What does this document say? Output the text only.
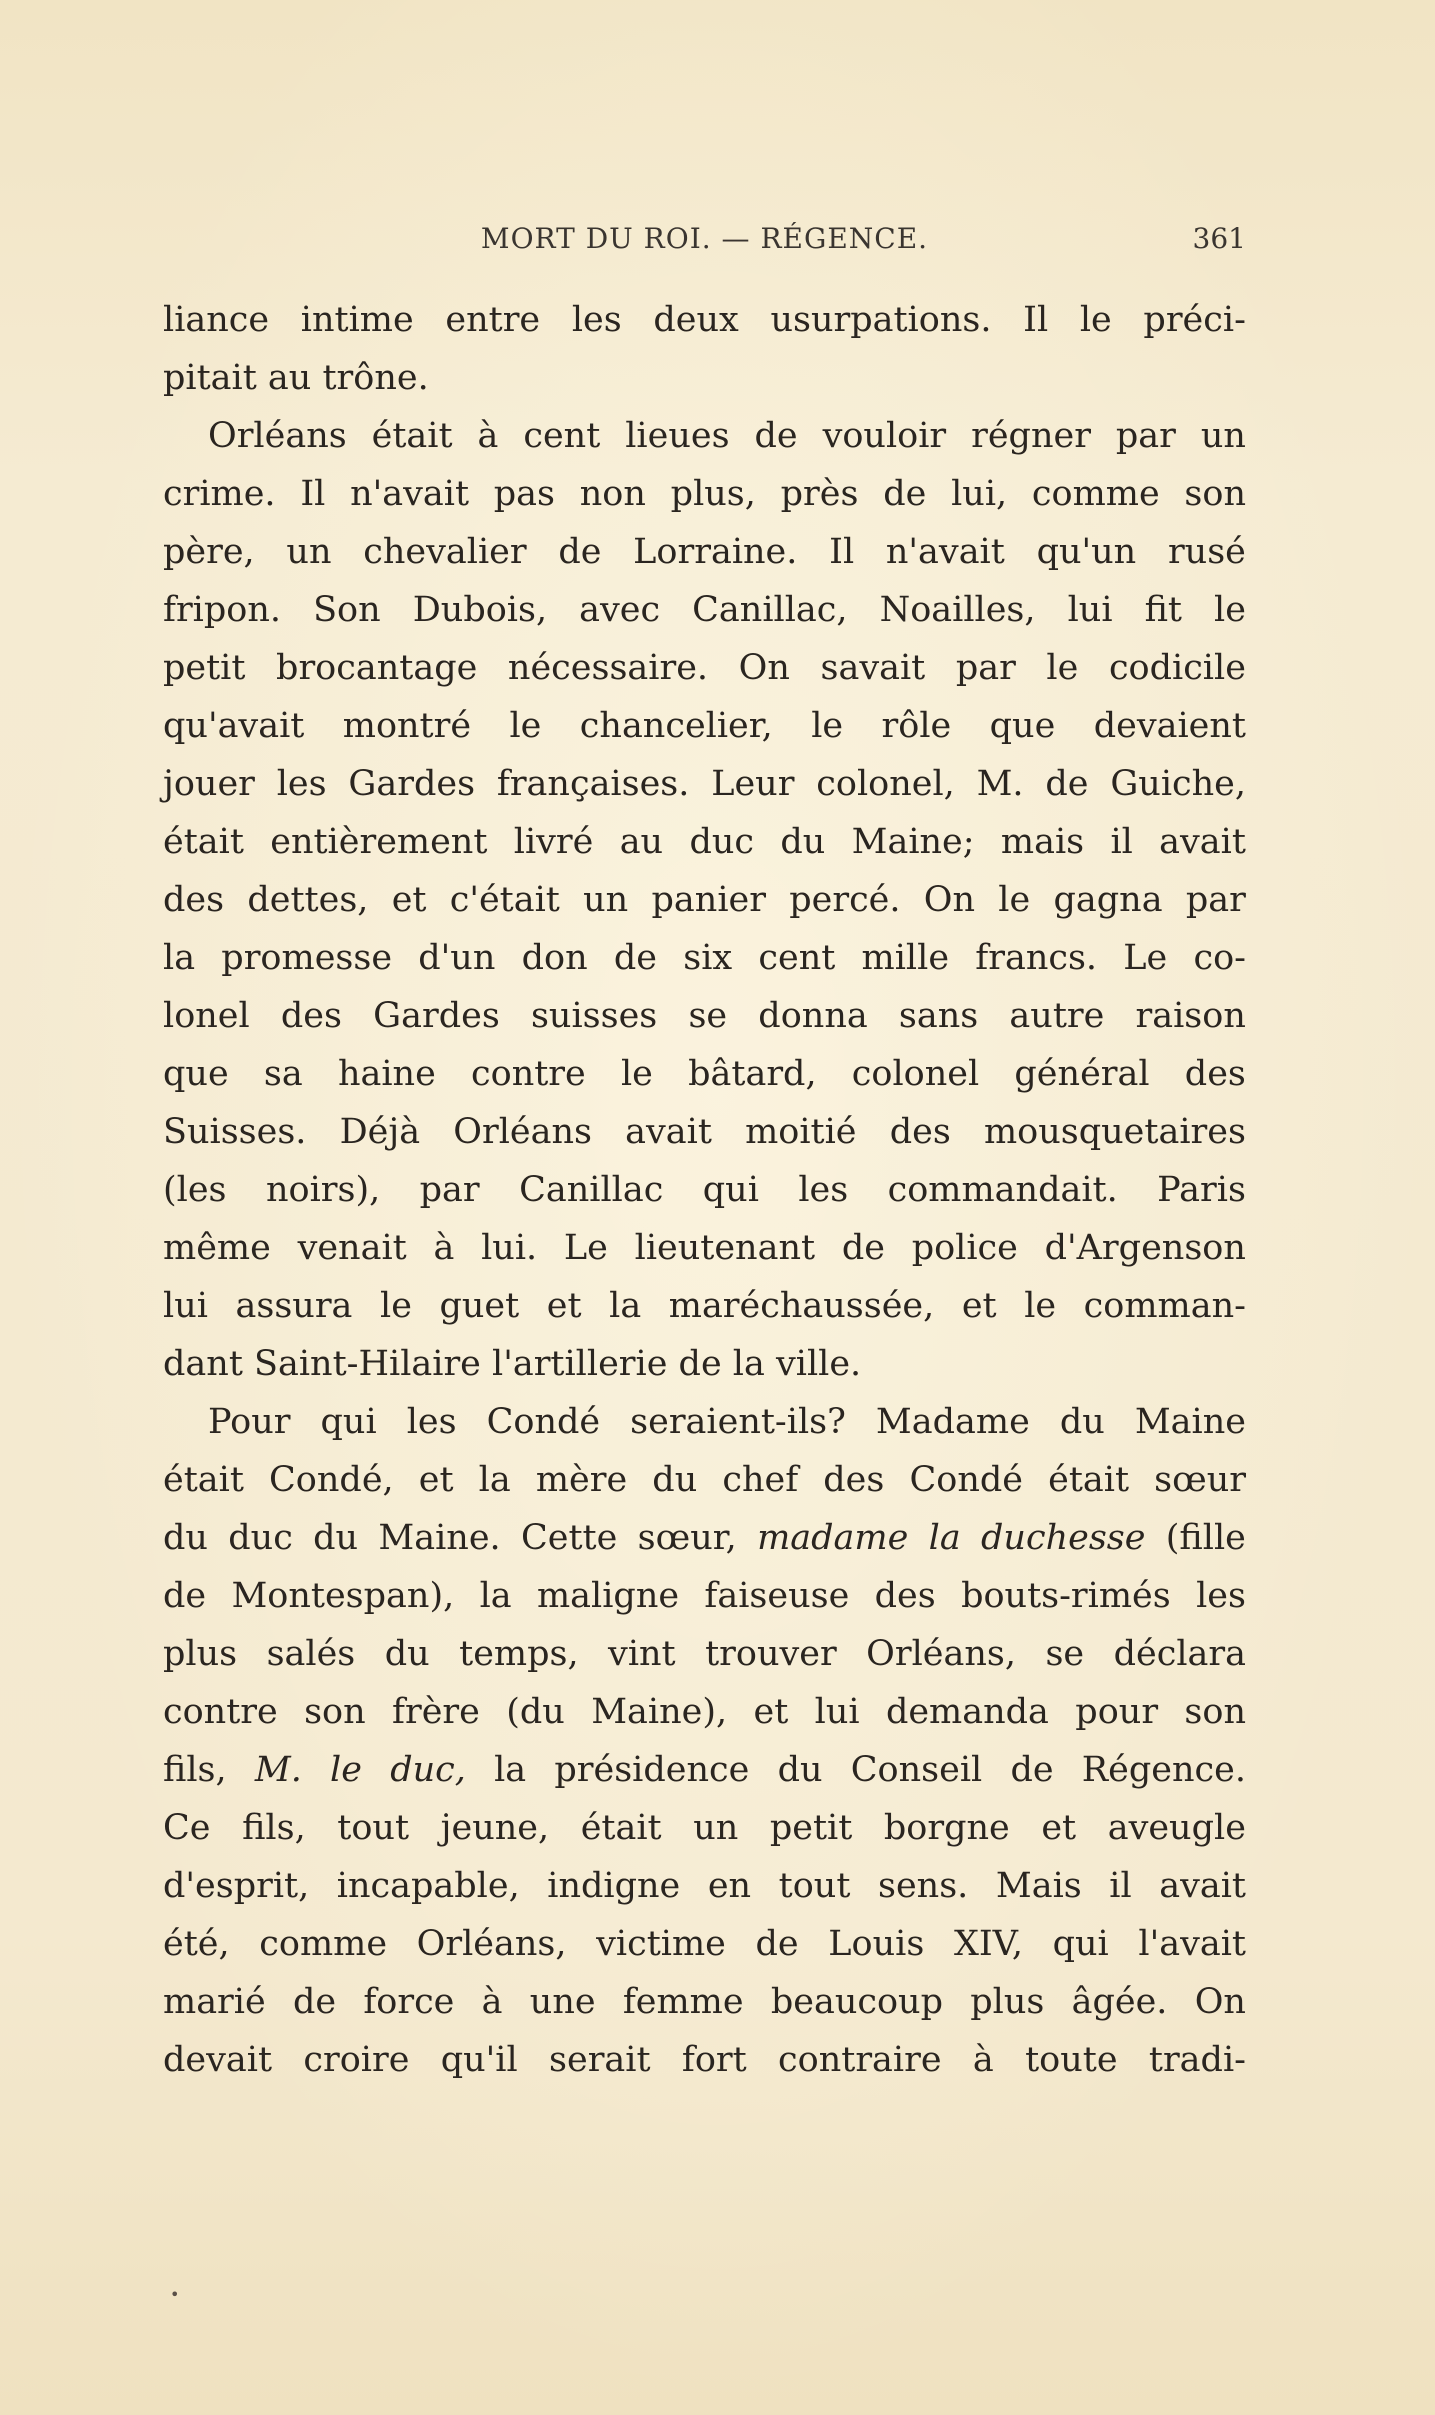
MORT DU ROI. — RÉGENCE.	361
liance intime entre les deux usurpations. Il le préci-
pitait au trône.
Orléans était à cent lieues de vouloir régner par un
crime. Il n'avait pas non plus, près de lui, comme son
père, un chevalier de Lorraine. Il n'avait qu'un rusé
fripon. Son Dubois, avec Canillac, Noailles, lui fit le
petit brocantage nécessaire. On savait par le codicile
qu'avait montré le chancelier, le rôle que devaient
jouer les Gardes françaises. Leur colonel, M. de Guiche,
était entièrement livré au duc du Maine; mais il avait
des dettes, et c'était un panier percé. On le gagna par
la promesse d'un don de six cent mille francs. Le co-
lonel des Gardes suisses se donna sans autre raison
que sa haine contre le bâtard, colonel général des
Suisses. Déjà Orléans avait moitié des mousquetaires
(les noirs), par Canillac qui les commandait. Paris
même venait à lui. Le lieutenant de police d'Argenson
lui assura le guet et la maréchaussée, et le comman-
dant Saint-Hilaire l'artillerie de la ville.
Pour qui les Condé seraient-ils? Madame du Maine
était Condé, et la mère du chef des Condé était sœur
du duc du Maine. Cette sœur, madame la duchesse (fille
de Montespan), la maligne faiseuse des bouts-rimés les
plus salés du temps, vint trouver Orléans, se déclara
contre son frère (du Maine), et lui demanda pour son
fils, M. le duc, la présidence du Conseil de Régence.
Ce fils, tout jeune, était un petit borgne et aveugle
d'esprit, incapable, indigne en tout sens. Mais il avait
été, comme Orléans, victime de Louis XIV, qui l'avait
marié de force à une femme beaucoup plus âgée. On
devait croire qu'il serait fort contraire à toute tradi-
•
